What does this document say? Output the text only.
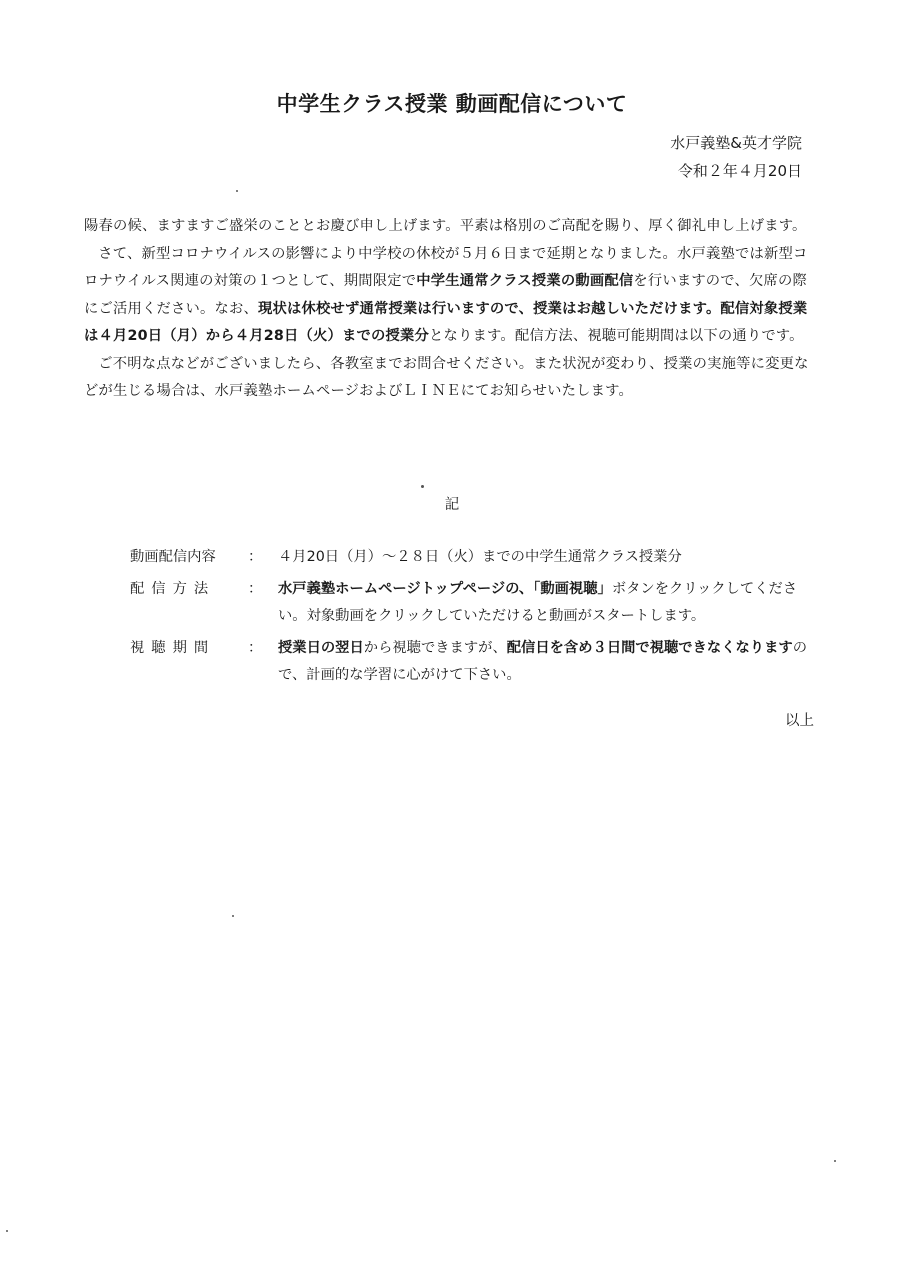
中学生クラス授業 動画配信について
水戸義塾&英才学院
令和２年４月20日

陽春の候、ますますご盛栄のこととお慶び申し上げます。平素は格別のご高配を賜り、厚く御礼申し上げます。

さて、新型コロナウイルスの影響により中学校の休校が５月６日まで延期となりました。水戸義塾では新型コロナウイルス関連の対策の１つとして、期間限定で中学生通常クラス授業の動画配信を行いますので、欠席の際にご活用ください。なお、現状は休校せず通常授業は行いますので、授業はお越しいただけます。配信対象授業は４月20日（月）から４月28日（火）までの授業分となります。配信方法、視聴可能期間は以下の通りです。

ご不明な点などがございましたら、各教室までお問合せください。また状況が変わり、授業の実施等に変更などが生じる場合は、水戸義塾ホームページおよびＬＩＮＥにてお知らせいたします。

記
動画配信内容	：	４月20日（月）～２８日（火）までの中学生通常クラス授業分
配信方法	：	水戸義塾ホームページトップページの、「動画視聴」ボタンをクリックしてください。対象動画をクリックしていただけると動画がスタートします。
視聴期間	：	授業日の翌日から視聴できますが、配信日を含め３日間で視聴できなくなりますので、計画的な学習に心がけて下さい。
以上
